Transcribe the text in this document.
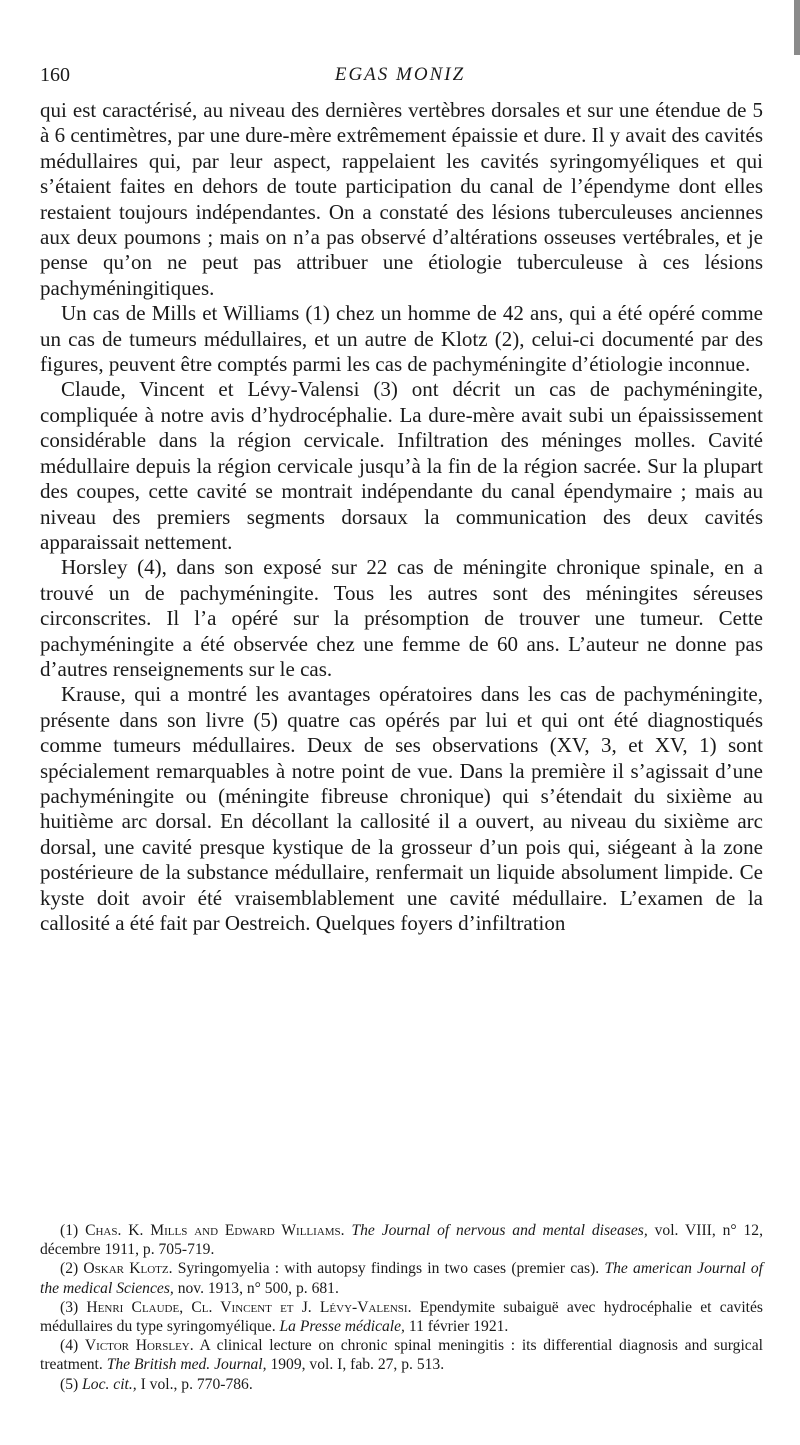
160	EGAS MONIZ

qui est caractérisé, au niveau des dernières vertèbres dorsales et sur une étendue de 5 à 6 centimètres, par une dure-mère extrêmement épaissie et dure. Il y avait des cavités médullaires qui, par leur aspect, rappelaient les cavités syringomyéliques et qui s’étaient faites en dehors de toute participation du canal de l’épendyme dont elles restaient toujours indépendantes. On a constaté des lésions tuberculeuses anciennes aux deux poumons ; mais on n’a pas observé d’altérations osseuses vertébrales, et je pense qu’on ne peut pas attribuer une étiologie tuberculeuse à ces lésions pachyméningitiques.

Un cas de Mills et Williams (1) chez un homme de 42 ans, qui a été opéré comme un cas de tumeurs médullaires, et un autre de Klotz (2), celui-ci documenté par des figures, peuvent être comptés parmi les cas de pachyméningite d’étiologie inconnue.

Claude, Vincent et Lévy-Valensi (3) ont décrit un cas de pachyméningite, compliquée à notre avis d’hydrocéphalie. La dure-mère avait subi un épaississement considérable dans la région cervicale. Infiltration des méninges molles. Cavité médullaire depuis la région cervicale jusqu’à la fin de la région sacrée. Sur la plupart des coupes, cette cavité se montrait indépendante du canal épendymaire ; mais au niveau des premiers segments dorsaux la communication des deux cavités apparaissait nettement.

Horsley (4), dans son exposé sur 22 cas de méningite chronique spinale, en a trouvé un de pachyméningite. Tous les autres sont des méningites séreuses circonscrites. Il l’a opéré sur la présomption de trouver une tumeur. Cette pachyméningite a été observée chez une femme de 60 ans. L’auteur ne donne pas d’autres renseignements sur le cas.

Krause, qui a montré les avantages opératoires dans les cas de pachyméningite, présente dans son livre (5) quatre cas opérés par lui et qui ont été diagnostiqués comme tumeurs médullaires. Deux de ses observations (XV, 3, et XV, 1) sont spécialement remarquables à notre point de vue. Dans la première il s’agissait d’une pachyméningite ou (méningite fibreuse chronique) qui s’étendait du sixième au huitième arc dorsal. En décollant la callosité il a ouvert, au niveau du sixième arc dorsal, une cavité presque kystique de la grosseur d’un pois qui, siégeant à la zone postérieure de la substance médullaire, renfermait un liquide absolument limpide. Ce kyste doit avoir été vraisemblablement une cavité médullaire. L’examen de la callosité a été fait par Oestreich. Quelques foyers d’infiltration

(1) Chas. K. Mills and Edward Williams. The Journal of nervous and mental diseases, vol. VIII, n° 12, décembre 1911, p. 705-719.

(2) Oskar Klotz. Syringomyelia : with autopsy findings in two cases (premier cas). The american Journal of the medical Sciences, nov. 1913, n° 500, p. 681.

(3) Henri Claude, Cl. Vincent et J. Lévy-Valensi. Ependymite subaiguë avec hydrocéphalie et cavités médullaires du type syringomyélique. La Presse médicale, 11 février 1921.

(4) Victor Horsley. A clinical lecture on chronic spinal meningitis : its differential diagnosis and surgical treatment. The British med. Journal, 1909, vol. I, fab. 27, p. 513.

(5) Loc. cit., I vol., p. 770-786.
